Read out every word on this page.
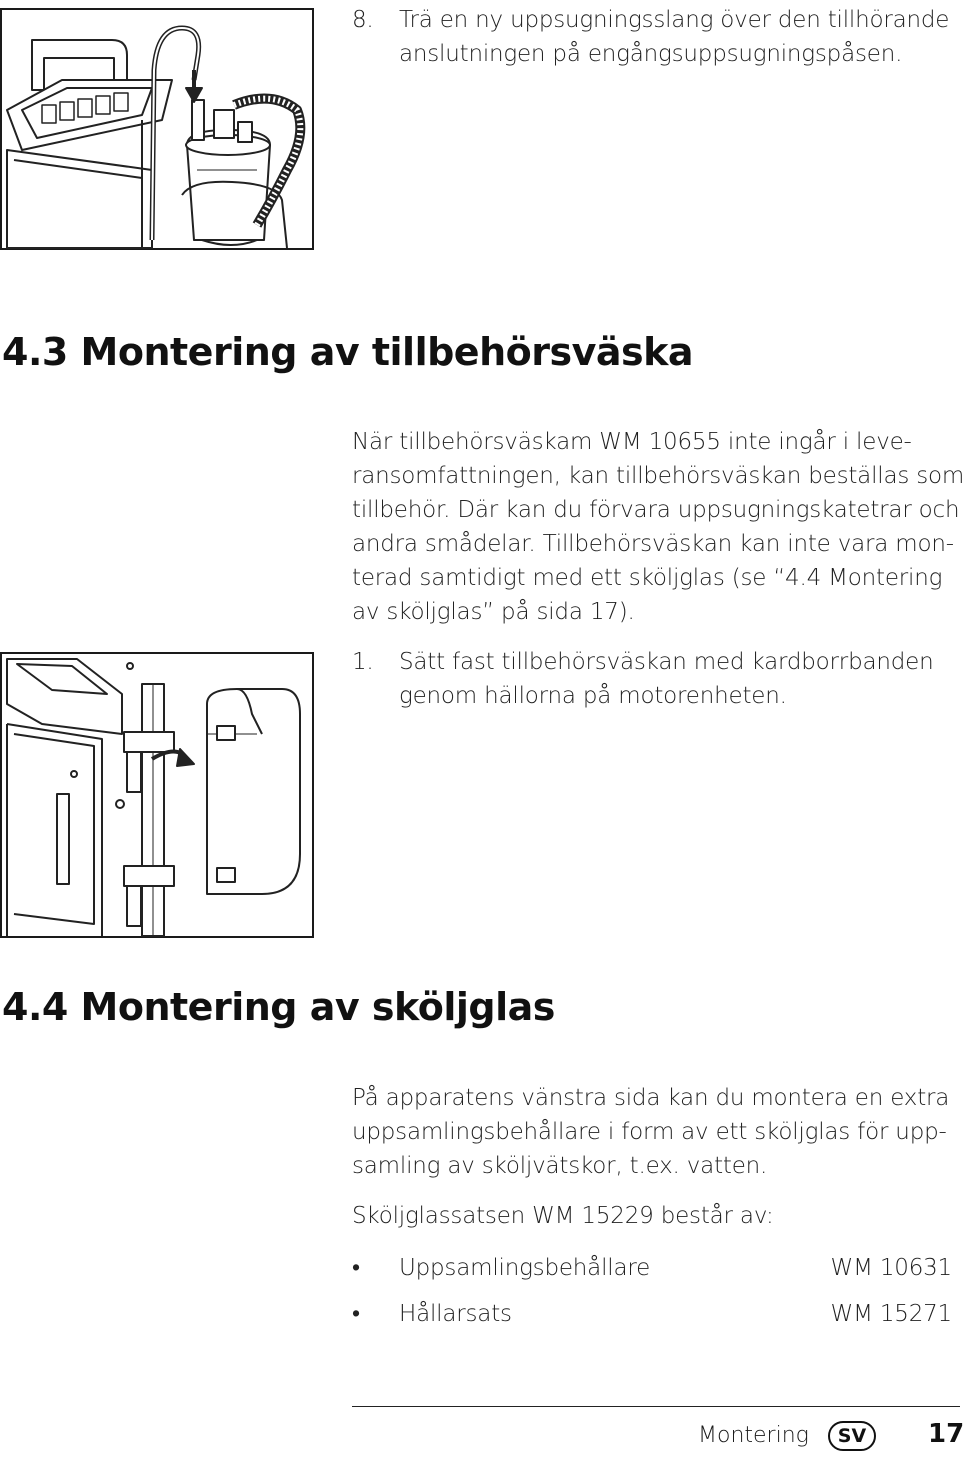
8. Trä en ny uppsugningsslang över den tillhörande
anslutningen på engångsuppsugningspåsen.
4.3 Montering av tillbehörsväska
När tillbehörsväskam WM 10655 inte ingår i leve-
ransomfattningen, kan tillbehörsväskan beställas som
tillbehör. Där kan du förvara uppsugningskatetrar och
andra smådelar. Tillbehörsväskan kan inte vara mon-
terad samtidigt med ett sköljglas (se “4.4 Montering
av sköljglas” på sida 17).
1. Sätt fast tillbehörsväskan med kardborrbanden
genom hällorna på motorenheten.
4.4 Montering av sköljglas
På apparatens vänstra sida kan du montera en extra
uppsamlingsbehållare i form av ett sköljglas för upp-
samling av sköljvätskor, t.ex. vatten.
Sköljglassatsen WM 15229 består av:
• Uppsamlingsbehållare	WM 10631
• Hållarsats	WM 15271
Montering	SV	17
